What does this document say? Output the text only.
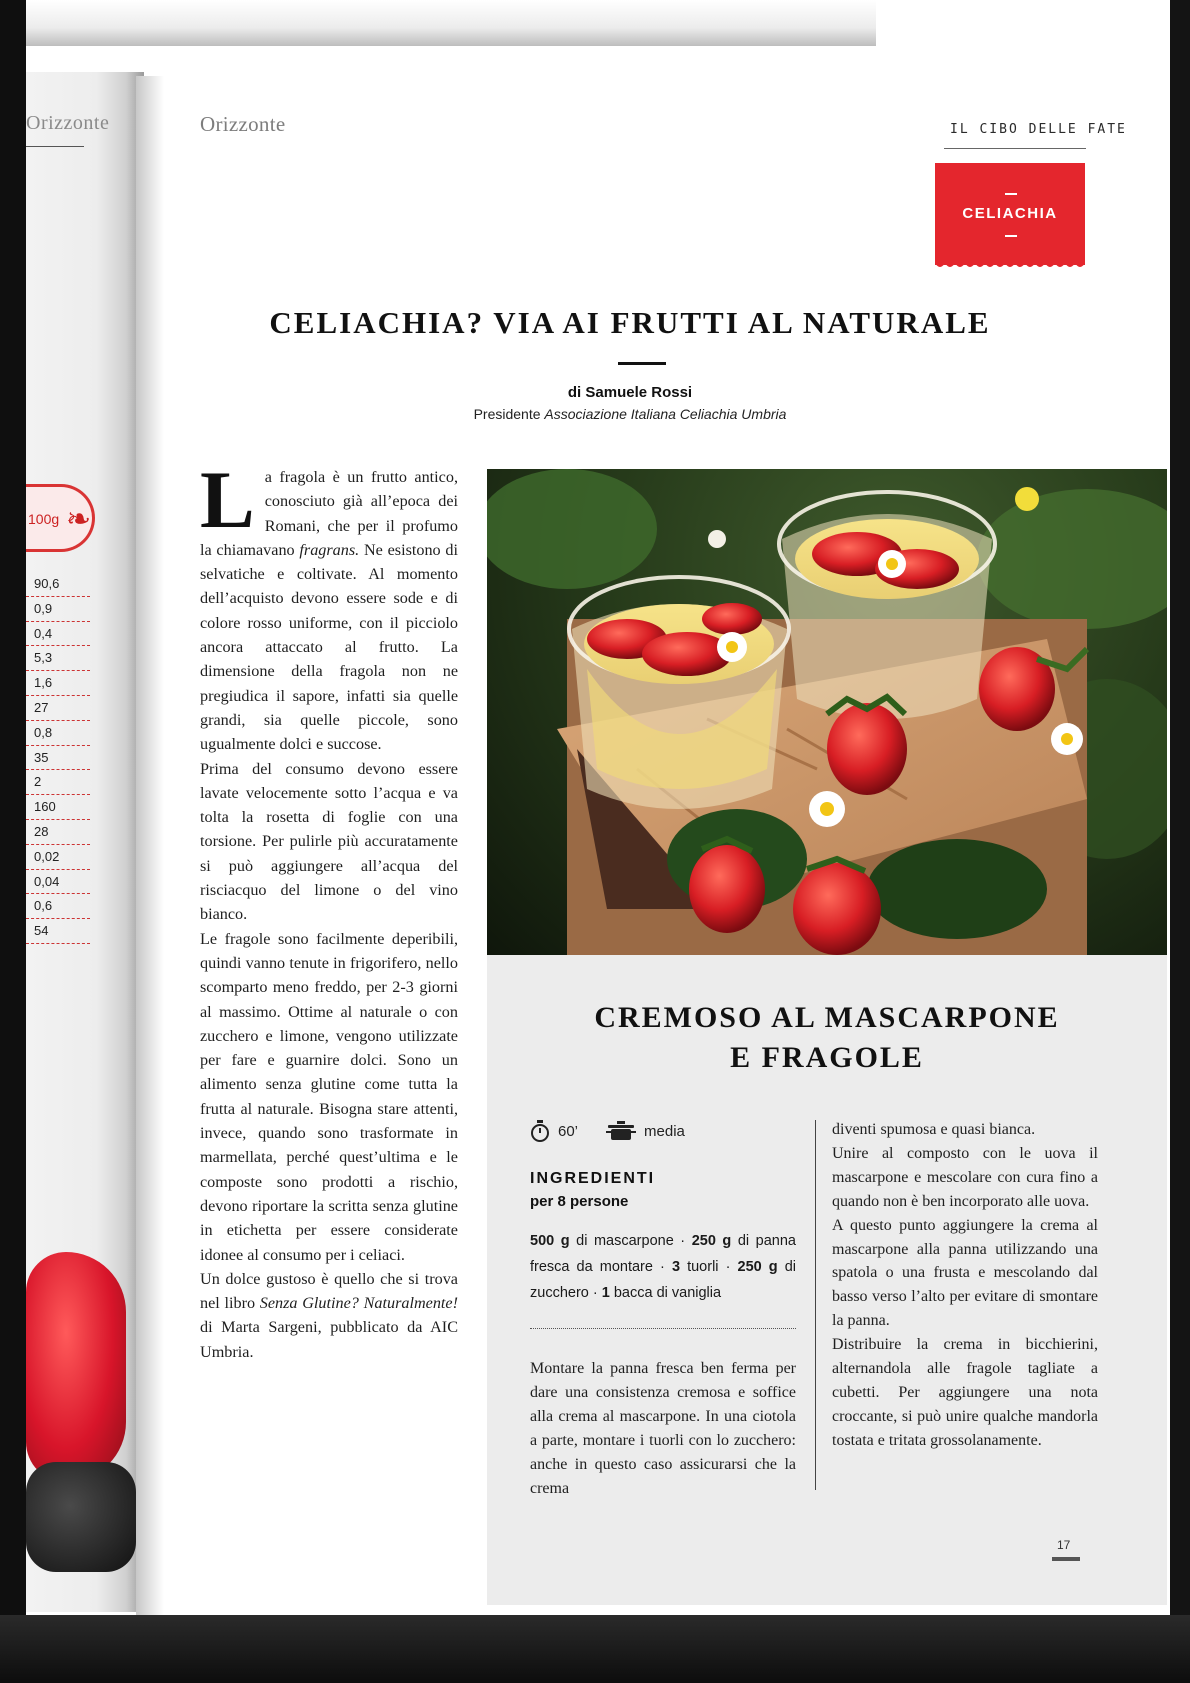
Orizzonte
100g ❧
90,6
0,9
0,4
5,3
1,6
27
0,8
35
2
160
28
0,02
0,04
0,6
54
Orizzonte	IL CIBO DELLE FATE
CELIACHIA
CELIACHIA? VIA AI FRUTTI AL NATURALE
di Samuele Rossi
Presidente Associazione Italiana Celiachia Umbria

La fragola è un frutto antico, conosciuto già all’epoca dei Romani, che per il profumo la chiamavano fragrans. Ne esistono di selvatiche e coltivate. Al momento dell’acquisto devono essere sode e di colore rosso uniforme, con il picciolo ancora attaccato al frutto. La dimensione della fragola non ne pregiudica il sapore, infatti sia quelle grandi, sia quelle piccole, sono ugualmente dolci e succose.

Prima del consumo devono essere lavate velocemente sotto l’acqua e va tolta la rosetta di foglie con una torsione. Per pulirle più accuratamente si può aggiungere all’acqua del risciacquo del limone o del vino bianco.

Le fragole sono facilmente deperibili, quindi vanno tenute in frigorifero, nello scomparto meno freddo, per 2-3 giorni al massimo. Ottime al naturale o con zucchero e limone, vengono utilizzate per fare e guarnire dolci. Sono un alimento senza glutine come tutta la frutta al naturale. Bisogna stare attenti, invece, quando sono trasformate in marmellata, perché quest’ultima e le composte sono prodotti a rischio, devono riportare la scritta senza glutine in etichetta per essere considerate idonee al consumo per i celiaci.

Un dolce gustoso è quello che si trova nel libro Senza Glutine? Naturalmente! di Marta Sargeni, pubblicato da AIC Umbria.

CREMOSO AL MASCARPONE
E FRAGOLE
60’	media
INGREDIENTI
per 8 persone
500 g di mascarpone · 250 g di panna fresca da montare · 3 tuorli · 250 g di zucchero · 1 bacca di vaniglia
Montare la panna fresca ben ferma per dare una consistenza cremosa e soffice alla crema al mascarpone. In una ciotola a parte, montare i tuorli con lo zucchero: anche in questo caso assicurarsi che la crema

diventi spumosa e quasi bianca.

Unire al composto con le uova il mascarpone e mescolare con cura fino a quando non è ben incorporato alle uova.

A questo punto aggiungere la crema al mascarpone alla panna utilizzando una spatola o una frusta e mescolando dal basso verso l’alto per evitare di smontare la panna.

Distribuire la crema in bicchierini, alternandola alle fragole tagliate a cubetti. Per aggiungere una nota croccante, si può unire qualche mandorla tostata e tritata grossolanamente.

17
